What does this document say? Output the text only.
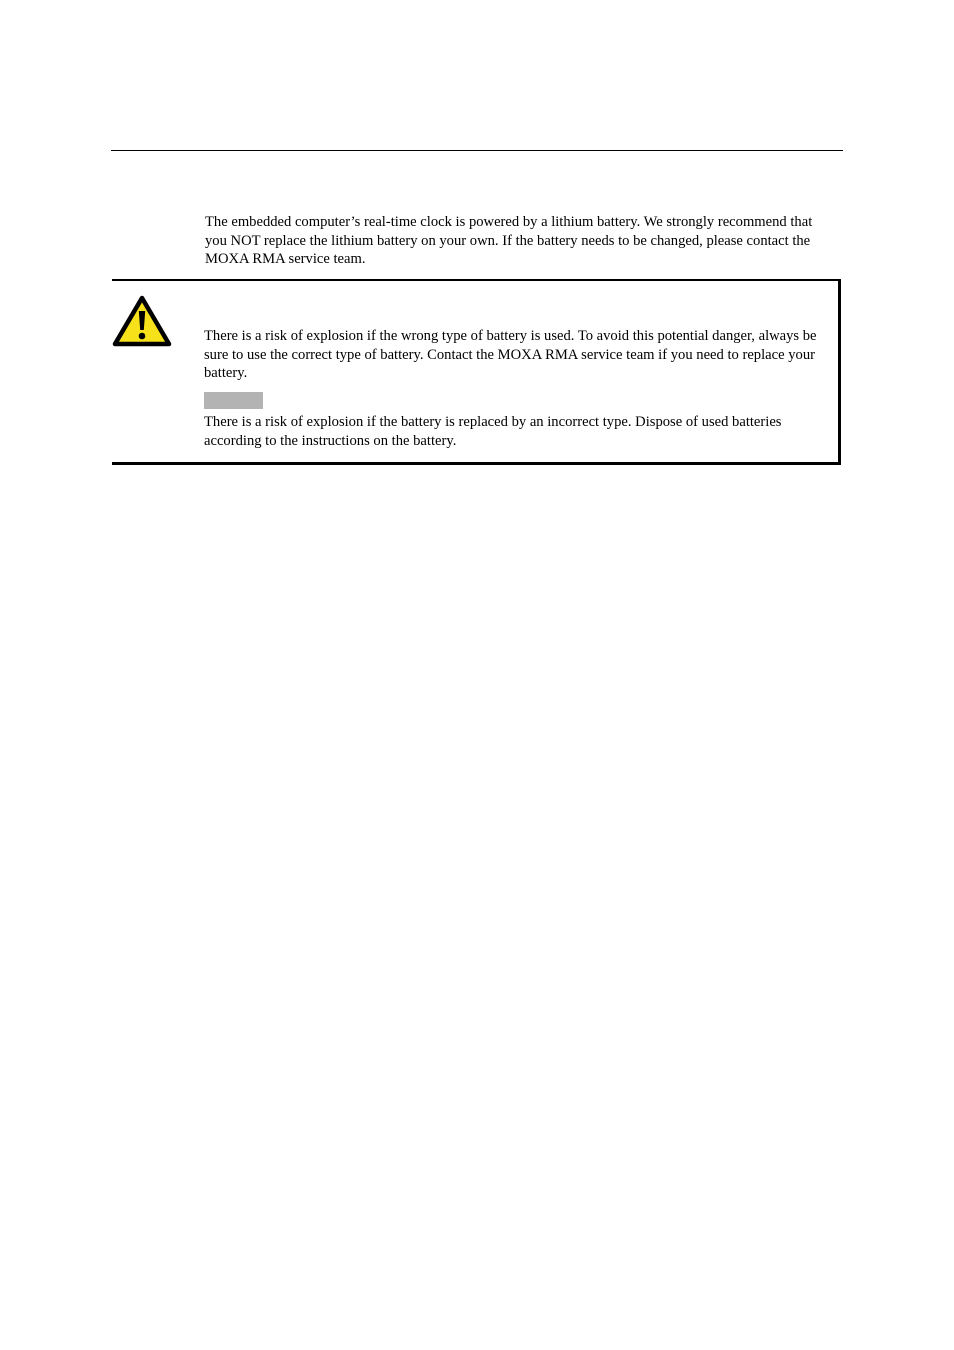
The embedded computer’s real-time clock is powered by a lithium battery. We strongly recommend that you NOT replace the lithium battery on your own. If the battery needs to be changed, please contact the MOXA RMA service team.

There is a risk of explosion if the wrong type of battery is used. To avoid this potential danger, always be sure to use the correct type of battery. Contact the MOXA RMA service team if you need to replace your battery.

There is a risk of explosion if the battery is replaced by an incorrect type. Dispose of used batteries according to the instructions on the battery.
